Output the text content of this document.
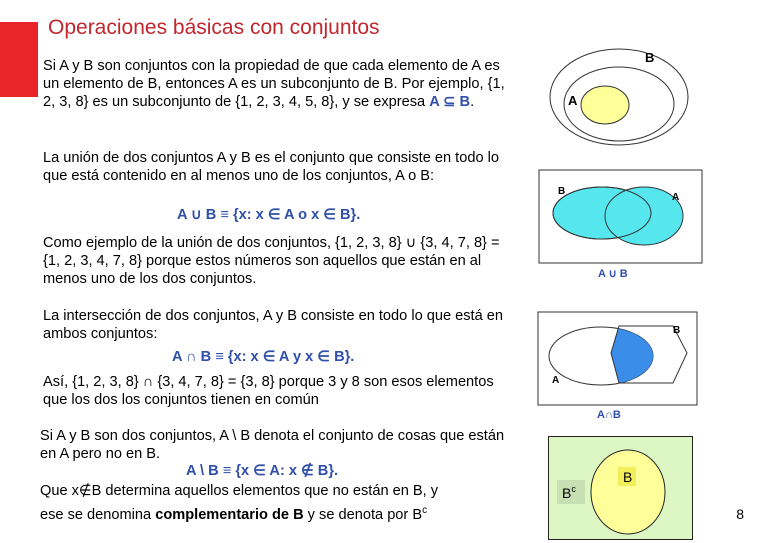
Operaciones básicas con conjuntos

Si A y B son conjuntos con la propiedad de que cada elemento de A es un elemento de B, entonces A es un subconjunto de B. Por ejemplo, {1, 2, 3, 8} es un subconjunto de {1, 2, 3, 4, 5, 8}, y se expresa A ⊆ B.

B
A

La unión de dos conjuntos A y B es el conjunto que consiste en todo lo que está contenido en al menos uno de los conjuntos, A o B:

A ∪ B ≡ {x: x ∈ A o x ∈ B}.

Como ejemplo de la unión de dos conjuntos, {1, 2, 3, 8} ∪ {3, 4, 7, 8} = {1, 2, 3, 4, 7, 8} porque estos números son aquellos que están en al menos uno de los dos conjuntos.

B
A
A ∪ B

La intersección de dos conjuntos, A y B consiste en todo lo que está en ambos conjuntos:

A ∩ B ≡ {x: x ∈ A y x ∈ B}.

Así, {1, 2, 3, 8} ∩ {3, 4, 7, 8} = {3, 8} porque 3 y 8 son esos elementos que los dos los conjuntos tienen en común

B
A
A∩B

Si A y B son dos conjuntos, A \ B denota el conjunto de cosas que están en A pero no en B.

A \ B ≡ {x ∈ A: x ∉ B}.

Que x∉B determina aquellos elementos que no están en B, y

ese se denomina complementario de B y se denota por $B^c$

B
$B^c$
8
